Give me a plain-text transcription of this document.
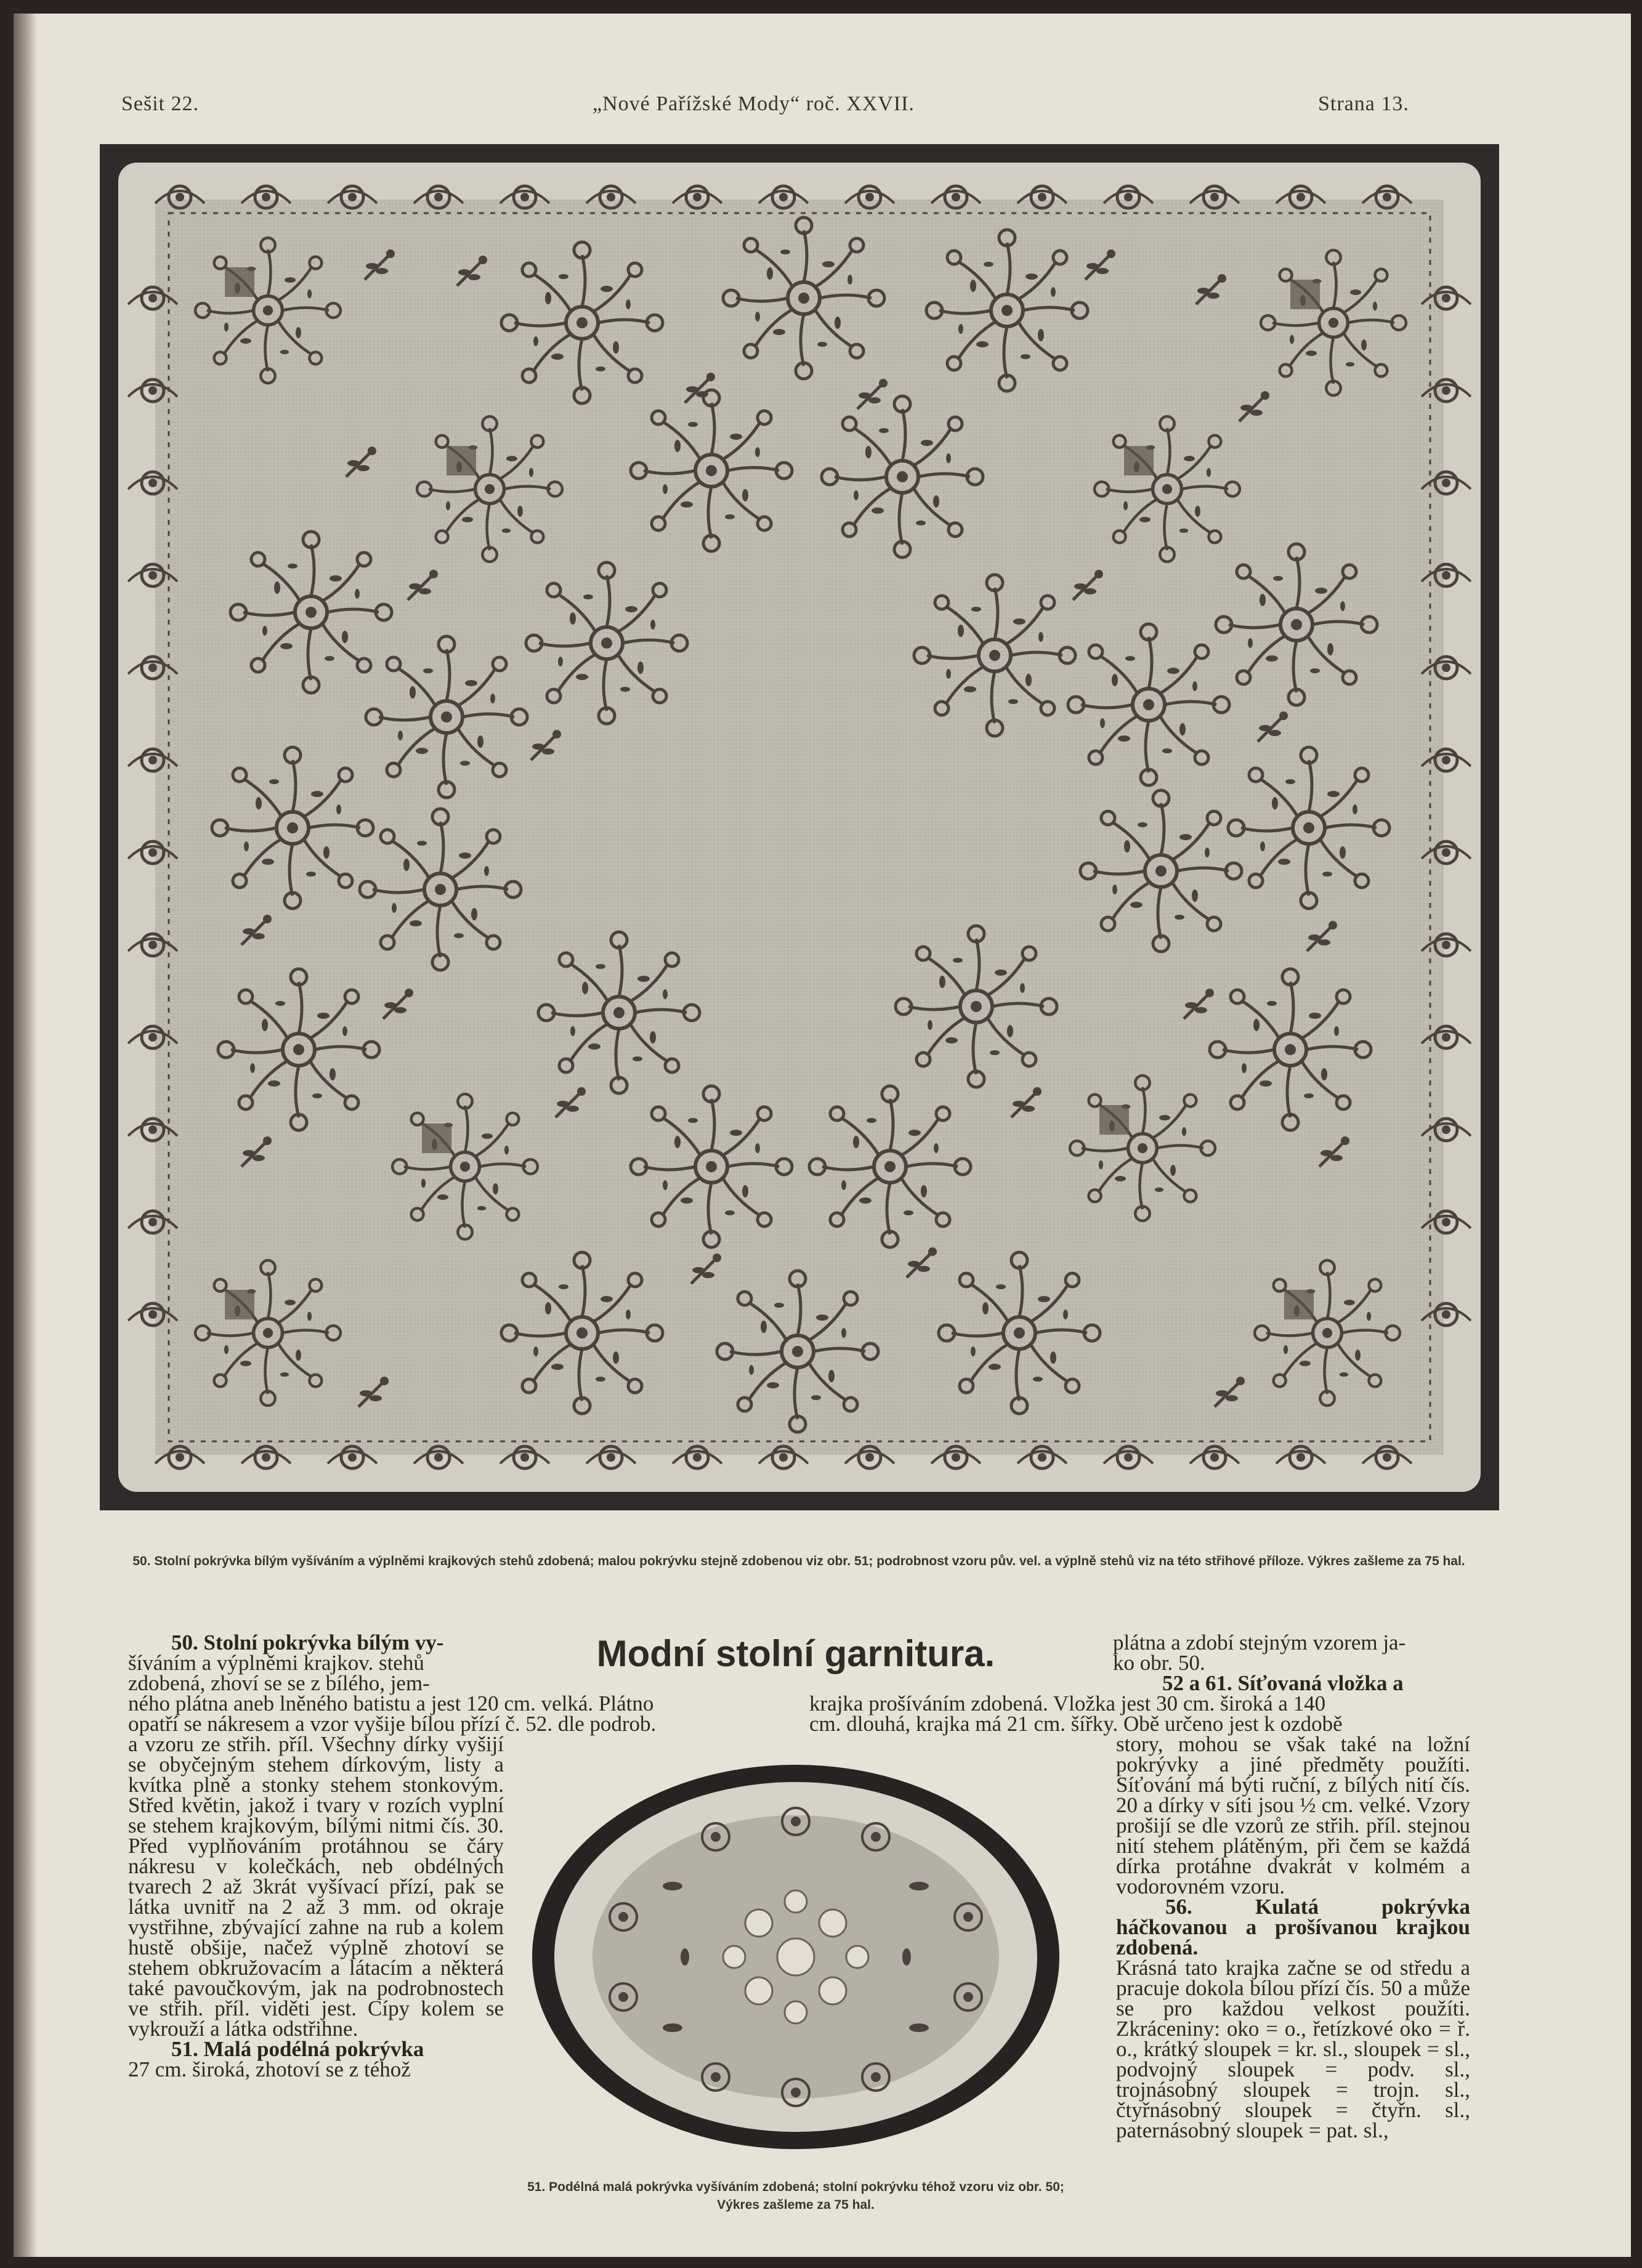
Sešit 22.	„Nové Pařížské Mody“ roč. XXVII.	Strana 13.
50. Stolní pokrývka bílým vyšíváním a výplněmi krajkových stehů zdobená; malou pokrývku stejně zdobenou viz obr. 51; podrobnost vzoru pův. vel. a výplně stehů viz na této střihové příloze. Výkres zašleme za 75 hal.
Modní stolní garnitura.

50. Stolní pokrývka bílým vy-

šíváním a výplněmi krajkov. stehů

zdobená, zhoví se se z bílého, jem-

ného plátna aneb lněného batistu a jest 120 cm. velká. Plátno
opatří se nákresem a vzor vyšije bílou přízí č. 52. dle podrob.
krajka prošíváním zdobená. Vložka jest 30 cm. široká a 140
cm. dlouhá, krajka má 21 cm. šířky. Obě určeno jest k ozdobě

a vzoru ze střih. příl. Všechny dírky vyšijí se obyčejným stehem dírkovým, listy a kvítka plně a stonky stehem stonkovým. Střed květin, jakož i tvary v rozích vyplní se stehem krajkovým, bílými nitmi čís. 30. Před vyplňováním protáhnou se čáry nákresu v kolečkách, neb obdélných tvarech 2 až 3krát vyšívací přízí, pak se látka uvnitř na 2 až 3 mm. od okraje vystřihne, zbývající zahne na rub a kolem hustě obšije, načež výplně zhotoví se stehem obkružovacím a látacím a některá také pavoučkovým, jak na podrobnostech ve střih. příl. viděti jest. Cípy kolem se vykrouží a látka odstřihne.

51. Malá podélná pokrývka

27 cm. široká, zhotoví se z téhož

plátna a zdobí stejným vzorem ja-

ko obr. 50.

52 a 61. Síťovaná vložka a

story, mohou se však také na ložní pokrývky a jiné předměty použíti. Síťování má býti ruční, z bílých nití čís. 20 a dírky v síti jsou ½ cm. velké. Vzory prošijí se dle vzorů ze střih. příl. stejnou nití stehem plátěným, při čem se každá dírka protáhne dvakrát v kolmém a vodorovném vzoru.

56. Kulatá pokrývka háčkovanou a prošívanou krajkou zdobená.

Krásná tato krajka začne se od středu a pracuje dokola bílou přízí čís. 50 a může se pro každou velkost použíti. Zkráceniny: oko = o., řetízkové oko = ř. o., krátký sloupek = kr. sl., sloupek = sl., podvojný sloupek = podv. sl., trojnásobný sloupek = trojn. sl., čtyřnásobný sloupek = čtyřn. sl., paternásobný sloupek = pat. sl.,

51. Podélná malá pokrývka vyšíváním zdobená; stolní pokrývku téhož vzoru viz obr. 50; Výkres zašleme za 75 hal.
